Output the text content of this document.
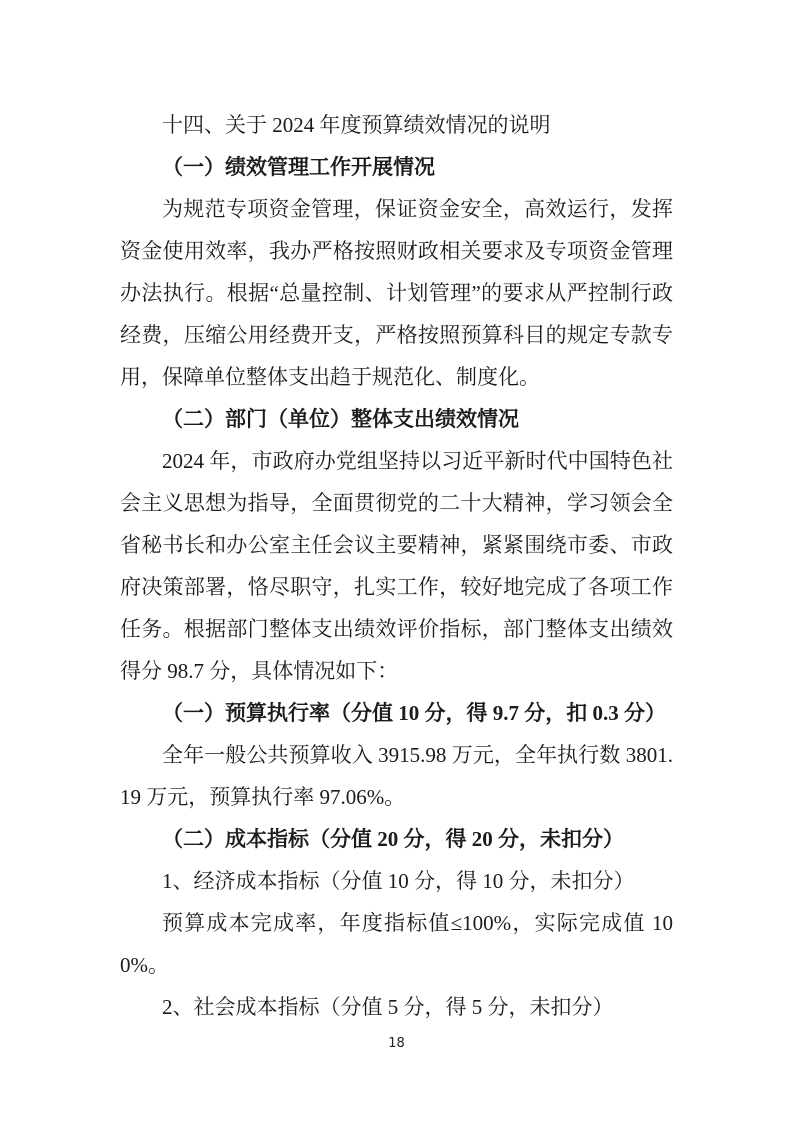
十四、关于 2024 年度预算绩效情况的说明

（一）绩效管理工作开展情况

为规范专项资金管理，保证资金安全，高效运行，发挥资金使用效率，我办严格按照财政相关要求及专项资金管理办法执行。根据“总量控制、计划管理”的要求从严控制行政经费，压缩公用经费开支，严格按照预算科目的规定专款专用，保障单位整体支出趋于规范化、制度化。

（二）部门（单位）整体支出绩效情况

2024 年，市政府办党组坚持以习近平新时代中国特色社会主义思想为指导，全面贯彻党的二十大精神，学习领会全省秘书长和办公室主任会议主要精神，紧紧围绕市委、市政府决策部署，恪尽职守，扎实工作，较好地完成了各项工作任务。根据部门整体支出绩效评价指标，部门整体支出绩效得分 98.7 分，具体情况如下：

（一）预算执行率（分值 10 分，得 9.7 分，扣 0.3 分）

全年一般公共预算收入 3915.98 万元，全年执行数 3801.19 万元，预算执行率 97.06%。

（二）成本指标（分值 20 分，得 20 分，未扣分）

1、经济成本指标（分值 10 分，得 10 分，未扣分）

预算成本完成率，年度指标值≤100%，实际完成值 100%。

2、社会成本指标（分值 5 分，得 5 分，未扣分）

18
